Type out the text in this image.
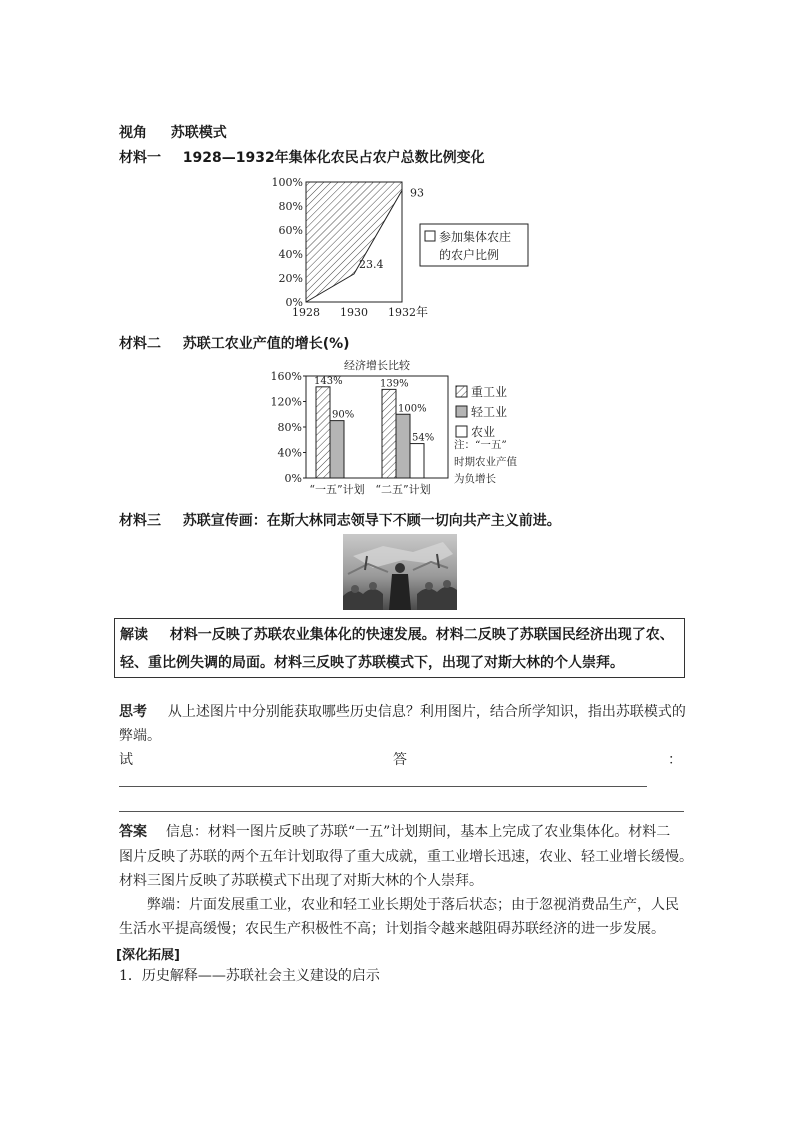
视角 苏联模式
材料一 1928—1932年集体化农民占农户总数比例变化
0%
20%
40%
60%
80%
100%
1928 1930 1932 年
23.4
93
参加集体农庄
的农户比例
材料二 苏联工农业产值的增长(%)
经济增长比较
0%
40%
80%
120%
160% 143%
90%
“一五”计划
139%
100%
54%
“二五”计划
重工业
轻工业
农业
注：“一五”
时期农业产值
为负增长
材料三 苏联宣传画：在斯大林同志领导下不顾一切向共产主义前进。
解读 材料一反映了苏联农业集体化的快速发展。材料二反映了苏联国民经济出现了农、
轻、重比例失调的局面。材料三反映了苏联模式下，出现了对斯大林的个人崇拜。
思考 从上述图片中分别能获取哪些历史信息？利用图片，结合所学知识，指出苏联模式的
弊端。
试	答	：
答案 信息：材料一图片反映了苏联“一五”计划期间，基本上完成了农业集体化。材料二
图片反映了苏联的两个五年计划取得了重大成就，重工业增长迅速，农业、轻工业增长缓慢。
材料三图片反映了苏联模式下出现了对斯大林的个人崇拜。
弊端：片面发展重工业，农业和轻工业长期处于落后状态；由于忽视消费品生产，人民
生活水平提高缓慢；农民生产积极性不高；计划指令越来越阻碍苏联经济的进一步发展。
[深化拓展]
1．历史解释——苏联社会主义建设的启示
